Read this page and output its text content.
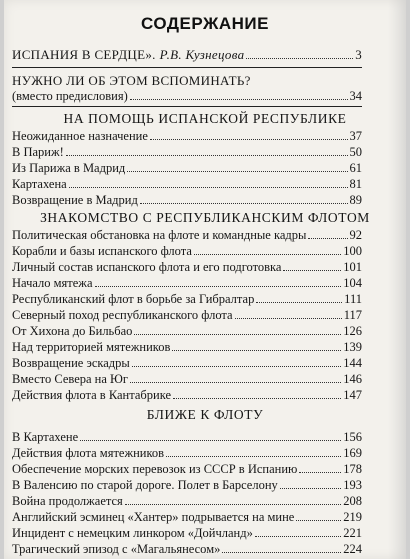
СОДЕРЖАНИЕ
ИСПАНИЯ В СЕРДЦЕ». Р.В. Кузнецова	3
НУЖНО ЛИ ОБ ЭТОМ ВСПОМИНАТЬ?
(вместо предисловия)	34
НА ПОМОЩЬ ИСПАНСКОЙ РЕСПУБЛИКЕ
Неожиданное назначение	37
В Париж!	50
Из Парижа в Мадрид	61
Картахена	81
Возвращение в Мадрид	89
ЗНАКОМСТВО С РЕСПУБЛИКАНСКИМ ФЛОТОМ
Политическая обстановка на флоте и командные кадры	92
Корабли и базы испанского флота	100
Личный состав испанского флота и его подготовка	101
Начало мятежа	104
Республиканский флот в борьбе за Гибралтар	111
Северный поход республиканского флота	117
От Хихона до Бильбао	126
Над территорией мятежников	139
Возвращение эскадры	144
Вместо Севера на Юг	146
Действия флота в Кантабрике	147
БЛИЖЕ К ФЛОТУ
В Картахене	156
Действия флота мятежников	169
Обеспечение морских перевозок из СССР в Испанию	178
В Валенсию по старой дороге. Полет в Барселону	193
Война продолжается	208
Английский эсминец «Хантер» подрывается на мине	219
Инцидент с немецким линкором «Дойчланд»	221
Трагический эпизод с «Магальянесом»	224
